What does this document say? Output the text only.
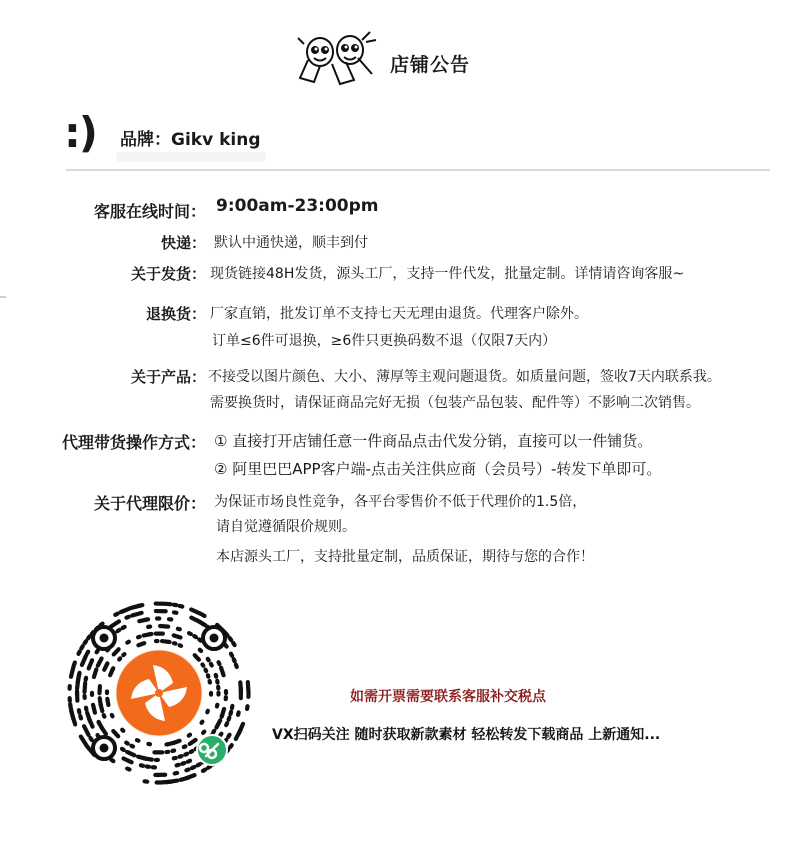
店铺公告
:) 品牌：Gikv king
客服在线时间： 9:00am-23:00pm
快递： 默认中通快递，顺丰到付
关于发货： 现货链接48H发货，源头工厂，支持一件代发，批量定制。详情请咨询客服~
退换货： 厂家直销，批发订单不支持七天无理由退货。代理客户除外。
订单≤6件可退换，≥6件只更换码数不退（仅限7天内）
关于产品： 不接受以图片颜色、大小、薄厚等主观问题退货。如质量问题，签收7天内联系我。
需要换货时，请保证商品完好无损（包装产品包装、配件等）不影响二次销售。
代理带货操作方式： ① 直接打开店铺任意一件商品点击代发分销，直接可以一件铺货。
② 阿里巴巴APP客户端-点击关注供应商（会员号）-转发下单即可。
关于代理限价： 为保证市场良性竞争，各平台零售价不低于代理价的1.5倍，
请自觉遵循限价规则。
本店源头工厂，支持批量定制，品质保证，期待与您的合作！
如需开票需要联系客服补交税点
VX扫码关注 随时获取新款素材 轻松转发下载商品 上新通知...
